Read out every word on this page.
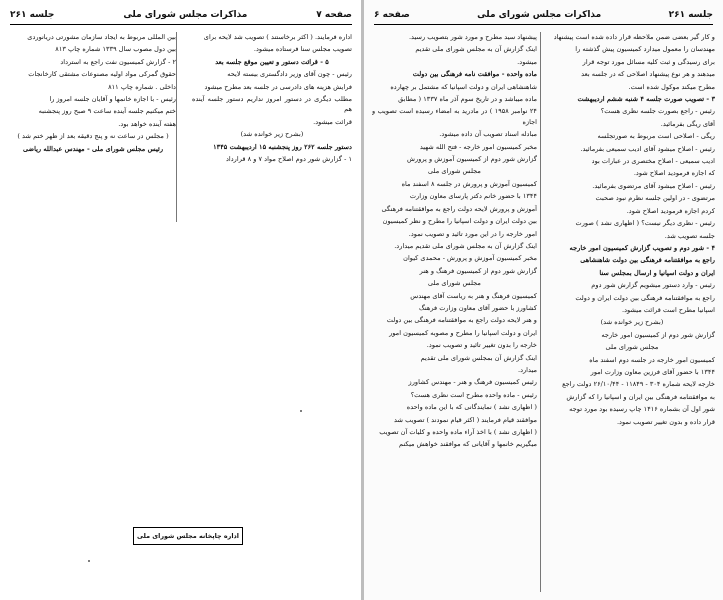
صفحه ۷
مذاکرات مجلس شورای ملی
جلسه ۲۶۱

اداره فرمایند. ( اکثر برخاستند ) تصویب شد لایحه برای

تصویب مجلس سنا فرستاده میشود.

۵ - قرائت دستور و تعیین موقع جلسه بعد

رئیس - چون آقای وزیر دادگستری بیسته لایحه

فرایش هزینه های دادرسی در جلسه بعد مطرح میشود

مطلب دیگری در دستور امروز نداریم دستور جلسه آینده هم

قرائت میشود.

(بشرح زیر خوانده شد)

دستور جلسه ۲۶۲ روز پنجشنبه ۱۵ اردیبهشت ۱۳۴۵

۱ - گزارش شور دوم اصلاح مواد ۷ و ۸ قرارداد

بین المللی مربوط به ایجاد سازمان مشورتی دریانوردی

بین دول مصوب سال ۱۳۳۹ شماره چاپ ۸۱۳

۲ - گزارش کمیسیون نفت راجع به استرداد

حقوق گمرکی مواد اولیه مصنوعات مشتقی کارخانجات

داخلی . شماره چاپ ۸۱۱

رئیس - با اجازه خانمها و آقایان جلسه امروز را

ختم میکنیم جلسه آینده ساعت ۹ صبح روز پنجشنبه

هفته آینده خواهد بود.

( مجلس در ساعت نه و پنج دقیقه بعد از ظهر ختم شد )

رئیس مجلس شورای ملی - مهندس عبدالله ریاضی

اداره چاپخانه مجلس شورای ملی
جلسه ۲۶۱
مذاکرات مجلس شورای ملی
صفحه ۶

و کار گیر بعضی ضمن ملاحظه قرار داده شده است پیشنهاد

مهندسان را معمول میدارد کمیسیون پیش گذشته را

برای رسیدگی و ثبت کلیه مسائل مورد توجه قرار

میدهند و هر نوع پیشنهاد اصلاحی که در جلسه بعد

مطرح میکند موکول شده است.

۳ - تصویب صورت جلسه ۴ شنبه ششم اردیبهشت

رئیس - راجع بصورت جلسه نظری هست؟

آقای ریگی بفرمائید.

ریگی - اصلاحی است مربوط به صورتجلسه

رئیس - اصلاح میشود آقای ادیب سمیعی بفرمائید.

ادیب سمیعی - اصلاح مختصری در عبارات بود

که اجازه فرمودید اصلاح شود.

رئیس - اصلاح میشود آقای مرتضوی بفرمائید.

مرتضوی - در اولین جلسه نظرم نبود صحبت

کردم اجازه فرمودید اصلاح شود.

رئیس - نظری دیگر نیست؟ ( اظهاری نشد ) صورت

جلسه تصویب شد.

۴ - شور دوم و تصویب گزارش کمیسیون امور خارجه

راجع به موافقتنامه فرهنگی بین دولت شاهنشاهی

ایران و دولت اسپانیا و ارسال بمجلس سنا

رئیس - وارد دستور میشویم گزارش شور دوم

راجع به موافقتنامه فرهنگی بین دولت ایران و دولت

اسپانیا مطرح است قرائت میشود.

(بشرح زیر خوانده شد)

گزارش شور دوم از کمیسیون امور خارجه

مجلس شورای ملی

کمیسیون امور خارجه در جلسه دوم اسفند ماه

۱۳۴۴ با حضور آقای فرزین معاون وزارت امور

خارجه لایحه شماره ۳۰۴ - ۱۱۸۴۹ - ۲۶/۱۰/۴۴ دولت راجع

به موافقتنامه فرهنگی بین ایران و اسپانیا را که گزارش

شور اول آن بشماره ۱۴۱۶ چاپ رسیده بود مورد توجه

قرار داده و بدون تغییر تصویب نمود.

پیشنهاد سید مطرح و مورد شور بتصویب رسید.

اینک گزارش آن به مجلس شورای ملی تقدیم

میشود.

ماده واحده - موافقت نامه فرهنگی بین دولت

شاهنشاهی ایران و دولت اسپانیا که مشتمل بر چهارده

ماده میباشد و در تاریخ سوم آذر ماه ۱۳۳۷ ( مطابق

۲۴ نوامبر ۱۹۵۸ ) در مادرید به امضاء رسیده است تصویب و اجازه

مبادله اسناد تصویب آن داده میشود.

مخبر کمیسیون امور خارجه - فتح الله شهید

گزارش شور دوم از کمیسیون آموزش و پرورش

مجلس شورای ملی

کمیسیون آموزش و پرورش در جلسه ۸ اسفند ماه

۱۳۴۴ با حضور خانم دکتر پارسای معاون وزارت

آموزش و پرورش لایحه دولت راجع به موافقتنامه فرهنگی

بین دولت ایران و دولت اسپانیا را مطرح و نظر کمیسیون

امور خارجه را در این مورد تائید و تصویب نمود.

اینک گزارش آن به مجلس شورای ملی تقدیم میدارد.

مخبر کمیسیون آموزش و پرورش - محمدی کیوان

گزارش شور دوم از کمیسیون فرهنگ و هنر

مجلس شورای ملی

کمیسیون فرهنگ و هنر به ریاست آقای مهندس

کشاورز با حضور آقای معاون وزارت فرهنگ

و هنر لایحه دولت راجع به موافقتنامه فرهنگی بین دولت

ایران و دولت اسپانیا را مطرح و مصوبه کمیسیون امور

خارجه را بدون تغییر تائید و تصویب نمود.

اینک گزارش آن بمجلس شورای ملی تقدیم

میدارد.

رئیس کمیسیون فرهنگ و هنر - مهندس کشاورز

رئیس - ماده واحده مطرح است نظری هست؟

( اظهاری نشد ) نمایندگانی که با این ماده واحده

موافقند قیام فرمایند ( اکثر قیام نمودند ) تصویب شد

( اظهاری نشد ) با اخذ آراء ماده واحده و کلیات آن تصویب

میگیریم خانمها و آقایانی که موافقند خواهش میکنم
